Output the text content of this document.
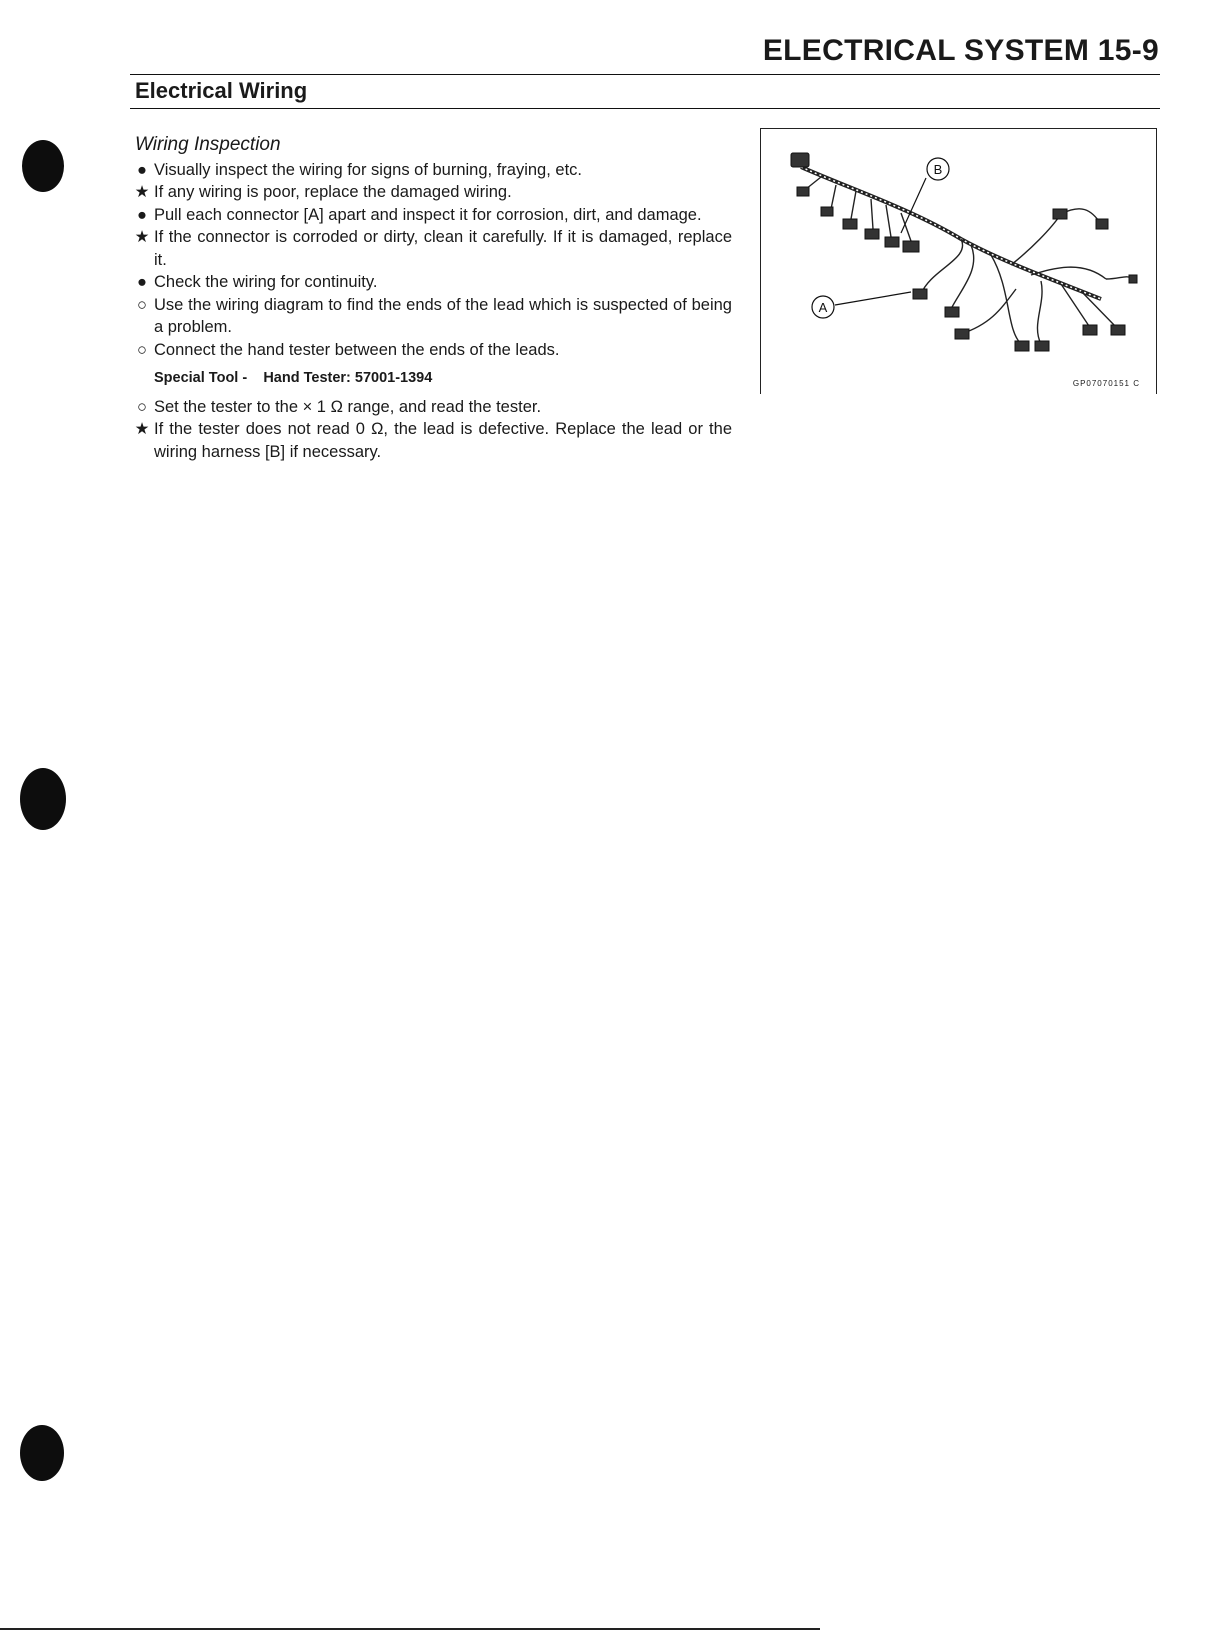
ELECTRICAL SYSTEM 15-9
Electrical Wiring

Wiring Inspection

● Visually inspect the wiring for signs of burning, fraying, etc.

★ If any wiring is poor, replace the damaged wiring.

● Pull each connector [A] apart and inspect it for corrosion, dirt, and damage.

★ If the connector is corroded or dirty, clean it carefully. If it is damaged, replace it.

● Check the wiring for continuity.

○ Use the wiring diagram to find the ends of the lead which is suspected of being a problem.

○ Connect the hand tester between the ends of the leads.

Special Tool - Hand Tester: 57001-1394

○ Set the tester to the × 1 Ω range, and read the tester.

★ If the tester does not read 0 Ω, the lead is defective. Replace the lead or the wiring harness [B] if necessary.

B
A
GP07070151 C
